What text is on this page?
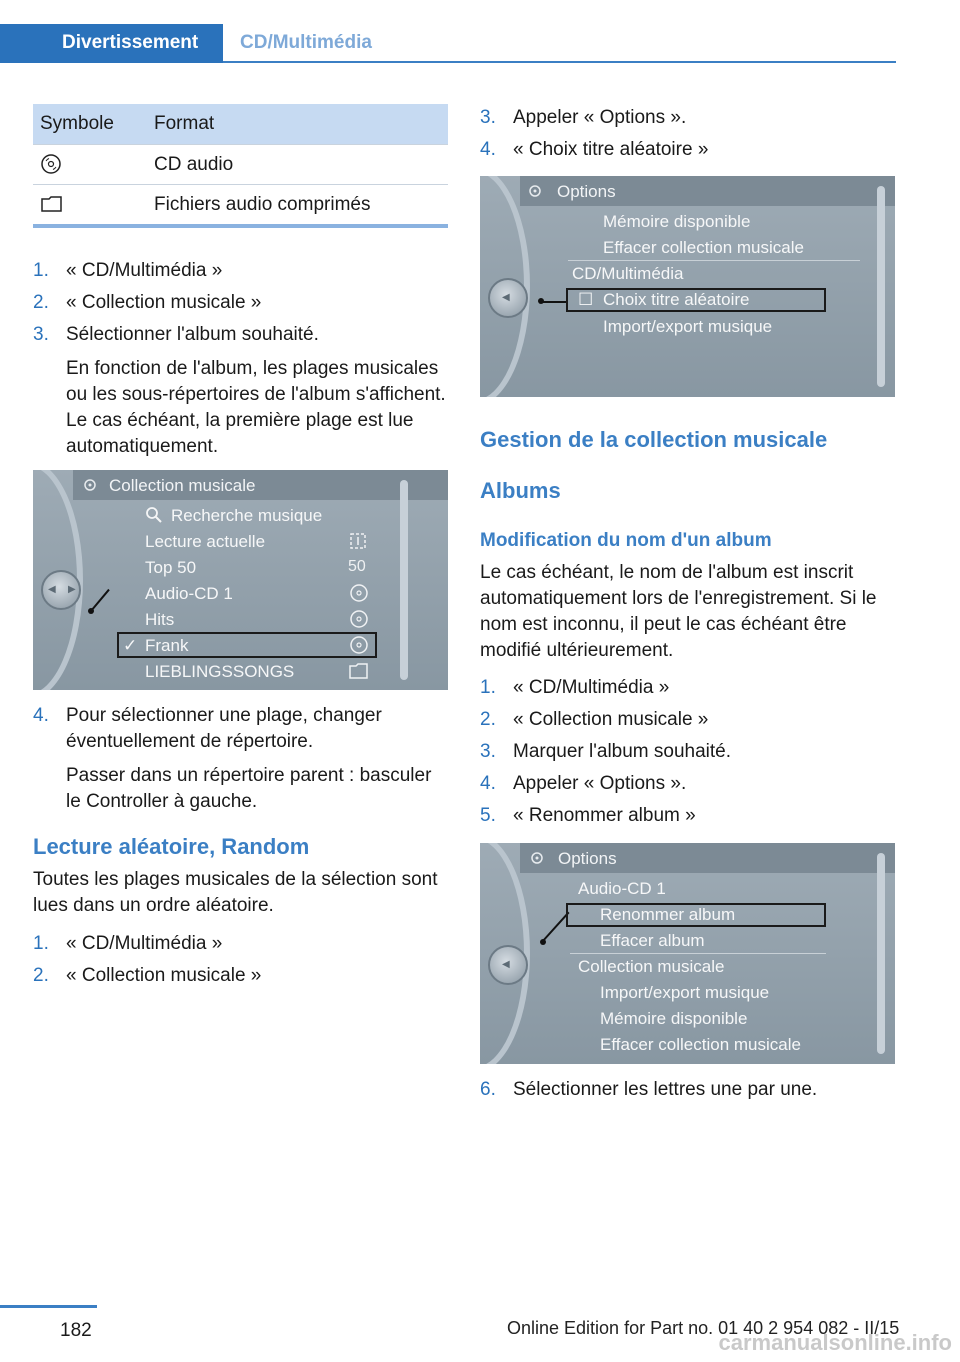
Divertissement	CD/Multimédia
Symbole	Format
CD audio
Fichiers audio comprimés
1. « CD/Multimédia »
2. « Collection musicale »
3. Sélectionner l'album souhaité.
En fonction de l'album, les plages musicales ou les sous-répertoires de l'album s'affichent. Le cas échéant, la première plage est lue automatiquement.
Collection musicale
◀ ▶
Recherche musique
Lecture actuelle
Top 50
Audio-CD 1
Hits
✓ Frank
LIEBLINGSSONGS
50
4. Pour sélectionner une plage, changer éventuellement de répertoire.
Passer dans un répertoire parent : basculer le Controller à gauche.
Lecture aléatoire, Random
Toutes les plages musicales de la sélection sont lues dans un ordre aléatoire.
1. « CD/Multimédia »
2. « Collection musicale »
3. Appeler « Options ».
4. « Choix titre aléatoire »
Options
◀
Mémoire disponible
Effacer collection musicale
CD/Multimédia
☐ Choix titre aléatoire
Import/export musique
Gestion de la collection musicale
Albums
Modification du nom d'un album
Le cas échéant, le nom de l'album est inscrit automatiquement lors de l'enregistrement. Si le nom est inconnu, il peut le cas échéant être modifié ultérieurement.
1. « CD/Multimédia »
2. « Collection musicale »
3. Marquer l'album souhaité.
4. Appeler « Options ».
5. « Renommer album »
Options
◀
Audio-CD 1
Renommer album
Effacer album
Collection musicale
Import/export musique
Mémoire disponible
Effacer collection musicale
6. Sélectionner les lettres une par une.
182	Online Edition for Part no. 01 40 2 954 082 - II/15
carmanualsonline.info
